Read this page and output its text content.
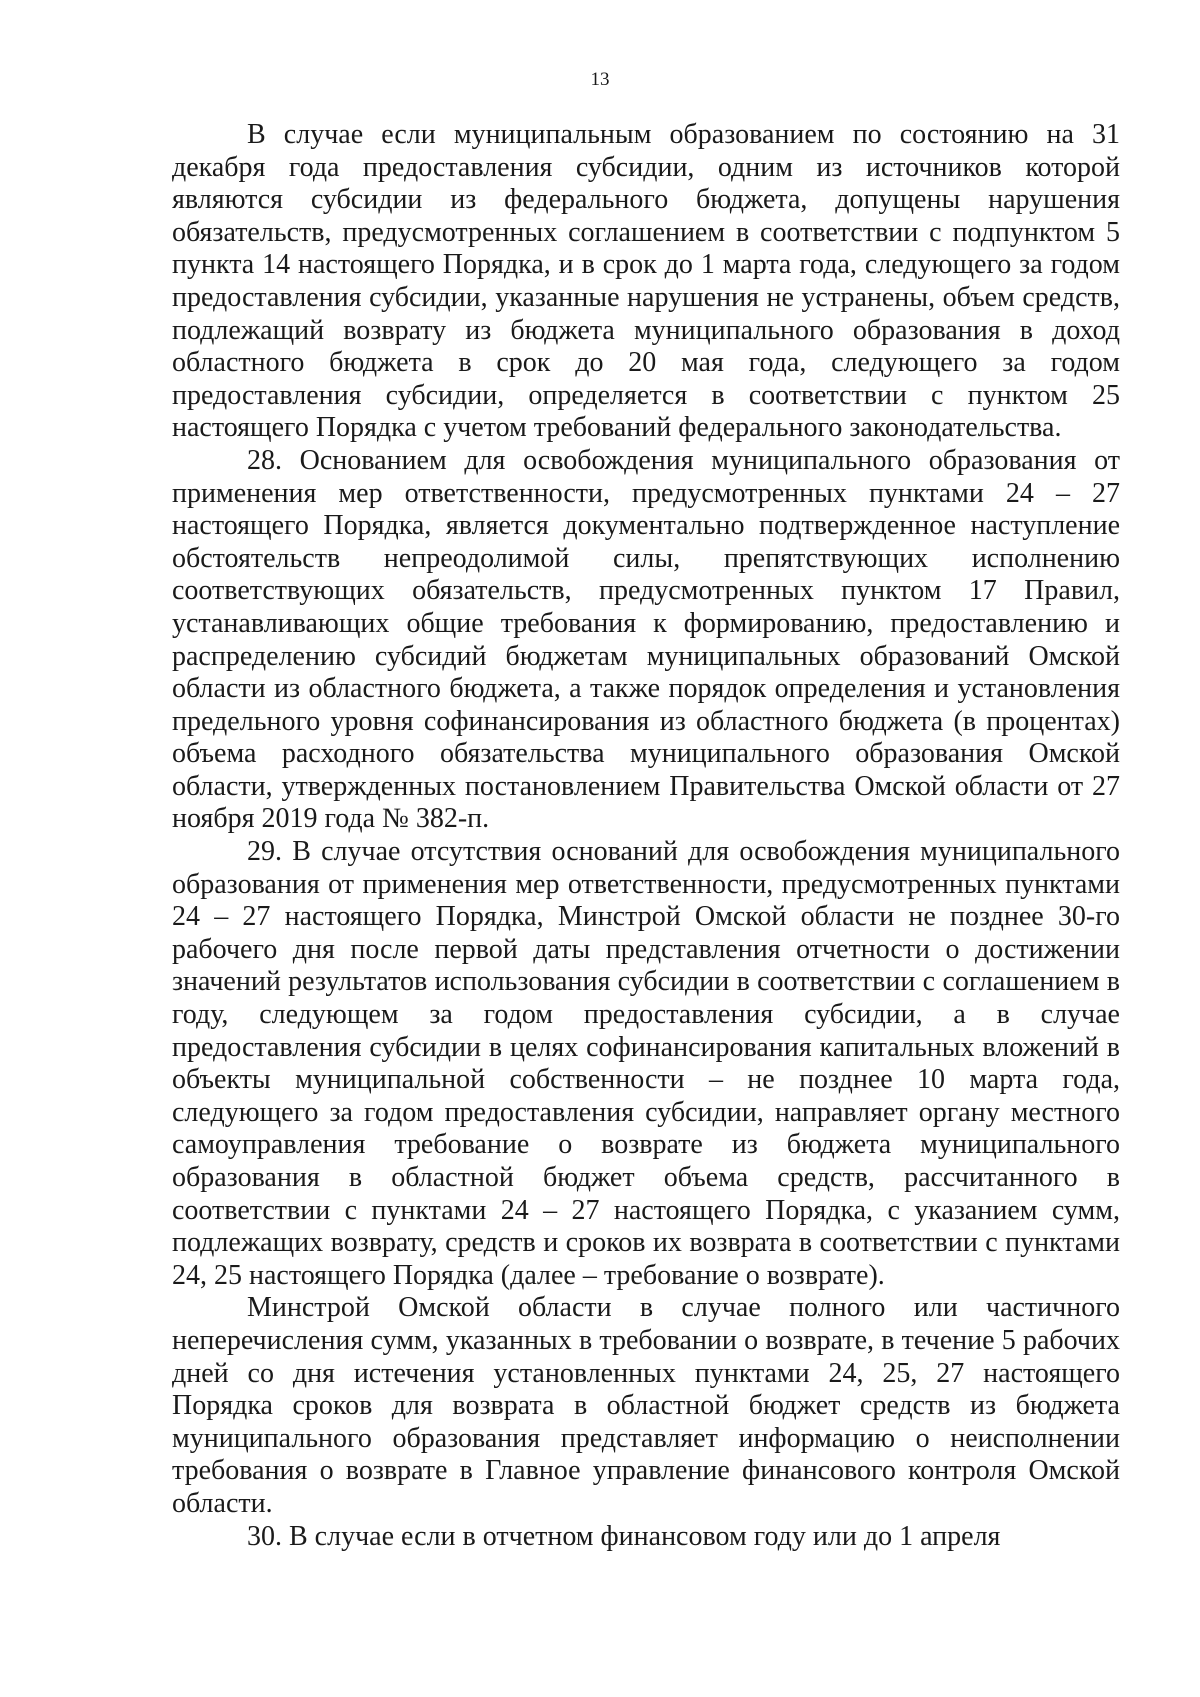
13

В случае если муниципальным образованием по состоянию на 31 декабря года предоставления субсидии, одним из источников которой являются субсидии из федерального бюджета, допущены нарушения обязательств, предусмотренных соглашением в соответствии с подпунктом 5 пункта 14 настоящего Порядка, и в срок до 1 марта года, следующего за годом предоставления субсидии, указанные нарушения не устранены, объем средств, подлежащий возврату из бюджета муниципального образования в доход областного бюджета в срок до 20 мая года, следующего за годом предоставления субсидии, определяется в соответствии с пунктом 25 настоящего Порядка с учетом требований федерального законодательства.

28. Основанием для освобождения муниципального образования от применения мер ответственности, предусмотренных пунктами 24 – 27 настоящего Порядка, является документально подтвержденное наступление обстоятельств непреодолимой силы, препятствующих исполнению соответствующих обязательств, предусмотренных пунктом 17 Правил, устанавливающих общие требования к формированию, предоставлению и распределению субсидий бюджетам муниципальных образований Омской области из областного бюджета, а также порядок определения и установления предельного уровня софинансирования из областного бюджета (в процентах) объема расходного обязательства муниципального образования Омской области, утвержденных постановлением Правительства Омской области от 27 ноября 2019 года № 382-п.

29. В случае отсутствия оснований для освобождения муниципального образования от применения мер ответственности, предусмотренных пунктами 24 – 27 настоящего Порядка, Минстрой Омской области не позднее 30-го рабочего дня после первой даты представления отчетности о достижении значений результатов использования субсидии в соответствии с соглашением в году, следующем за годом предоставления субсидии, а в случае предоставления субсидии в целях софинансирования капитальных вложений в объекты муниципальной собственности – не позднее 10 марта года, следующего за годом предоставления субсидии, направляет органу местного самоуправления требование о возврате из бюджета муниципального образования в областной бюджет объема средств, рассчитанного в соответствии с пунктами 24 – 27 настоящего Порядка, с указанием сумм, подлежащих возврату, средств и сроков их возврата в соответствии с пунктами 24, 25 настоящего Порядка (далее – требование о возврате).

Минстрой Омской области в случае полного или частичного неперечисления сумм, указанных в требовании о возврате, в течение 5 рабочих дней со дня истечения установленных пунктами 24, 25, 27 настоящего Порядка сроков для возврата в областной бюджет средств из бюджета муниципального образования представляет информацию о неисполнении требования о возврате в Главное управление финансового контроля Омской области.

30. В случае если в отчетном финансовом году или до 1 апреля
